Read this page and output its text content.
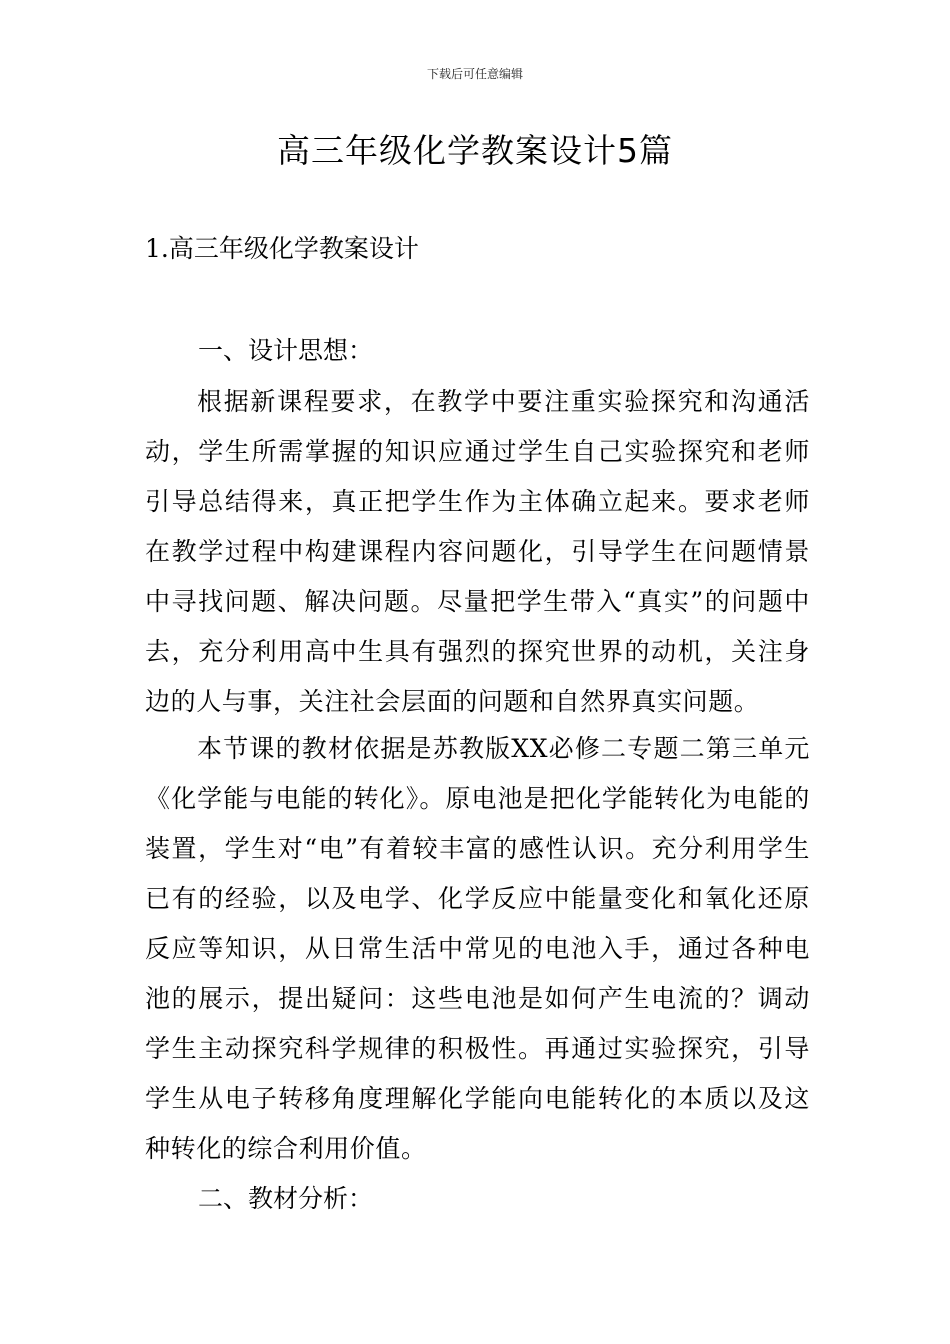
下载后可任意编辑
高三年级化学教案设计5篇
1.高三年级化学教案设计
一、设计思想：

根据新课程要求，在教学中要注重实验探究和沟通活动，学生所需掌握的知识应通过学生自己实验探究和老师引导总结得来，真正把学生作为主体确立起来。要求老师在教学过程中构建课程内容问题化，引导学生在问题情景中寻找问题、解决问题。尽量把学生带入“真实”的问题中去，充分利用高中生具有强烈的探究世界的动机，关注身边的人与事，关注社会层面的问题和自然界真实问题。

本节课的教材依据是苏教版XX必修二专题二第三单元《化学能与电能的转化》。原电池是把化学能转化为电能的装置，学生对“电”有着较丰富的感性认识。充分利用学生已有的经验，以及电学、化学反应中能量变化和氧化还原反应等知识，从日常生活中常见的电池入手，通过各种电池的展示，提出疑问：这些电池是如何产生电流的？调动学生主动探究科学规律的积极性。再通过实验探究，引导学生从电子转移角度理解化学能向电能转化的本质以及这种转化的综合利用价值。

二、教材分析：
